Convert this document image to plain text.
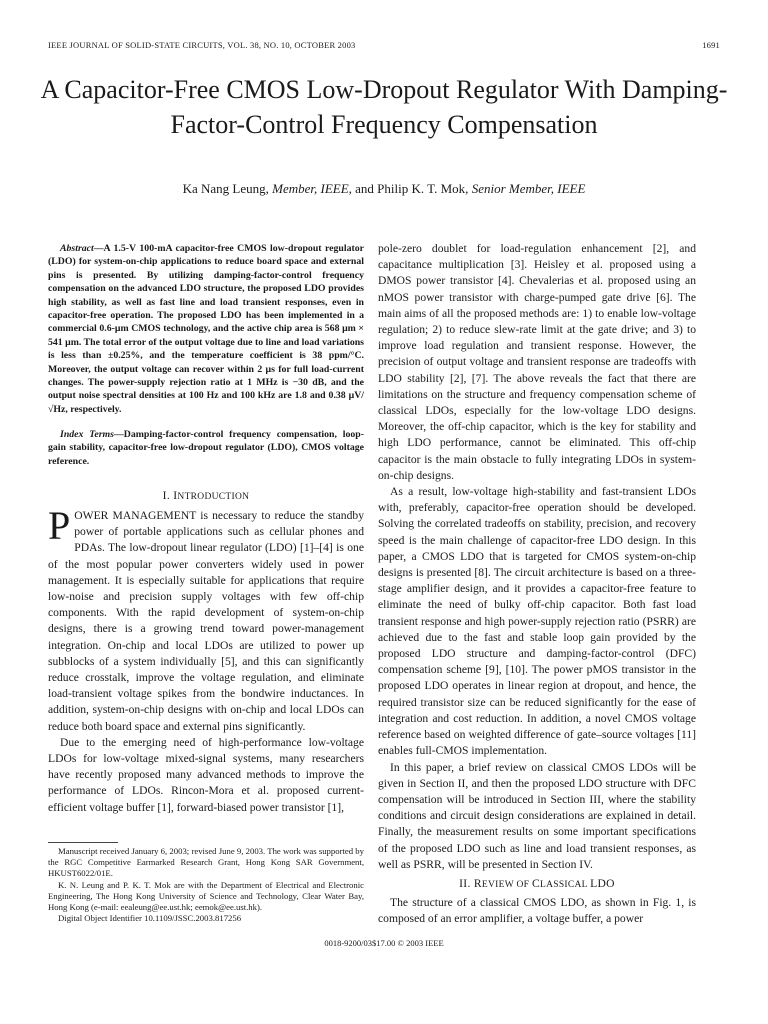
IEEE JOURNAL OF SOLID-STATE CIRCUITS, VOL. 38, NO. 10, OCTOBER 2003	1691
A Capacitor-Free CMOS Low-Dropout Regulator With Damping-Factor-Control Frequency Compensation
Ka Nang Leung, Member, IEEE, and Philip K. T. Mok, Senior Member, IEEE
Abstract—A 1.5-V 100-mA capacitor-free CMOS low-dropout regulator (LDO) for system-on-chip applications to reduce board space and external pins is presented. By utilizing damping-factor-control frequency compensation on the advanced LDO structure, the proposed LDO provides high stability, as well as fast line and load transient responses, even in capacitor-free operation. The proposed LDO has been implemented in a commercial 0.6-μm CMOS technology, and the active chip area is 568 μm × 541 μm. The total error of the output voltage due to line and load variations is less than ±0.25%, and the temperature coefficient is 38 ppm/°C. Moreover, the output voltage can recover within 2 μs for full load-current changes. The power-supply rejection ratio at 1 MHz is −30 dB, and the output noise spectral densities at 100 Hz and 100 kHz are 1.8 and 0.38 μV/√Hz, respectively.
Index Terms—Damping-factor-control frequency compensation, loop-gain stability, capacitor-free low-dropout regulator (LDO), CMOS voltage reference.
I. INTRODUCTION

POWER MANAGEMENT is necessary to reduce the standby power of portable applications such as cellular phones and PDAs. The low-dropout linear regulator (LDO) [1]–[4] is one of the most popular power converters widely used in power management. It is especially suitable for applications that require low-noise and precision supply voltages with few off-chip components. With the rapid development of system-on-chip designs, there is a growing trend toward power-management integration. On-chip and local LDOs are utilized to power up subblocks of a system individually [5], and this can significantly reduce crosstalk, improve the voltage regulation, and eliminate load-transient voltage spikes from the bondwire inductances. In addition, system-on-chip designs with on-chip and local LDOs can reduce both board space and external pins significantly.

Due to the emerging need of high-performance low-voltage LDOs for low-voltage mixed-signal systems, many researchers have recently proposed many advanced methods to improve the performance of LDOs. Rincon-Mora et al. proposed current-efficient voltage buffer [1], forward-biased power transistor [1],

Manuscript received January 6, 2003; revised June 9, 2003. The work was supported by the RGC Competitive Earmarked Research Grant, Hong Kong SAR Government, HKUST6022/01E.

K. N. Leung and P. K. T. Mok are with the Department of Electrical and Electronic Engineering, The Hong Kong University of Science and Technology, Clear Water Bay, Hong Kong (e-mail: eealeung@ee.ust.hk; eemok@ee.ust.hk).

Digital Object Identifier 10.1109/JSSC.2003.817256

pole-zero doublet for load-regulation enhancement [2], and capacitance multiplication [3]. Heisley et al. proposed using a DMOS power transistor [4]. Chevalerias et al. proposed using an nMOS power transistor with charge-pumped gate drive [6]. The main aims of all the proposed methods are: 1) to enable low-voltage regulation; 2) to reduce slew-rate limit at the gate drive; and 3) to improve load regulation and transient response. However, the precision of output voltage and transient response are tradeoffs with LDO stability [2], [7]. The above reveals the fact that there are limitations on the structure and frequency compensation scheme of classical LDOs, especially for the low-voltage LDO designs. Moreover, the off-chip capacitor, which is the key for stability and high LDO performance, cannot be eliminated. This off-chip capacitor is the main obstacle to fully integrating LDOs in system-on-chip designs.

As a result, low-voltage high-stability and fast-transient LDOs with, preferably, capacitor-free operation should be developed. Solving the correlated tradeoffs on stability, precision, and recovery speed is the main challenge of capacitor-free LDO design. In this paper, a CMOS LDO that is targeted for CMOS system-on-chip designs is presented [8]. The circuit architecture is based on a three-stage amplifier design, and it provides a capacitor-free feature to eliminate the need of bulky off-chip capacitor. Both fast load transient response and high power-supply rejection ratio (PSRR) are achieved due to the fast and stable loop gain provided by the proposed LDO structure and damping-factor-control (DFC) compensation scheme [9], [10]. The power pMOS transistor in the proposed LDO operates in linear region at dropout, and hence, the required transistor size can be reduced significantly for the ease of integration and cost reduction. In addition, a novel CMOS voltage reference based on weighted difference of gate–source voltages [11] enables full-CMOS implementation.

In this paper, a brief review on classical CMOS LDOs will be given in Section II, and then the proposed LDO structure with DFC compensation will be introduced in Section III, where the stability conditions and circuit design considerations are explained in detail. Finally, the measurement results on some important specifications of the proposed LDO such as line and load transient responses, as well as PSRR, will be presented in Section IV.

II. REVIEW OF CLASSICAL LDO

The structure of a classical CMOS LDO, as shown in Fig. 1, is composed of an error amplifier, a voltage buffer, a power

0018-9200/03$17.00 © 2003 IEEE
